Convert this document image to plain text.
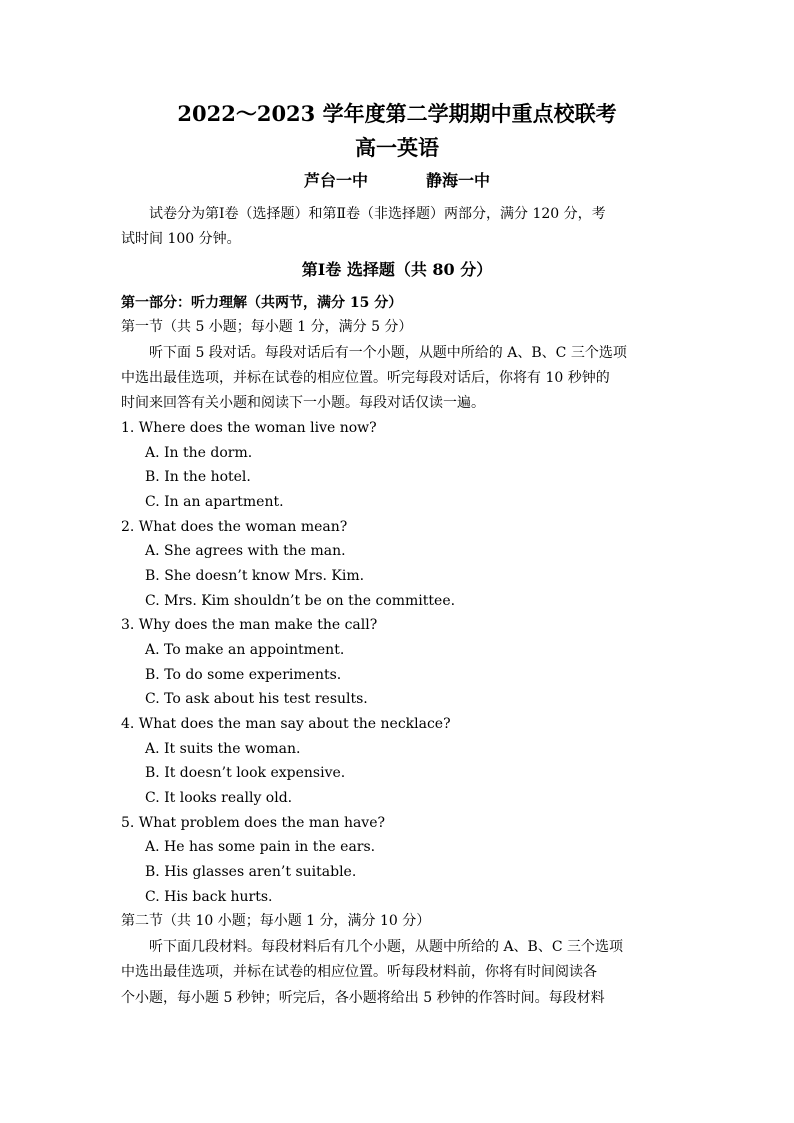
2022～2023 学年度第二学期期中重点校联考
高一英语
芦台一中	静海一中
试卷分为第Ⅰ卷（选择题）和第Ⅱ卷（非选择题）两部分，满分 120 分，考
试时间 100 分钟。
第Ⅰ卷 选择题（共 80 分）
第一部分：听力理解（共两节，满分 15 分）
第一节（共 5 小题；每小题 1 分，满分 5 分）
听下面 5 段对话。每段对话后有一个小题，从题中所给的 A、B、C 三个选项
中选出最佳选项，并标在试卷的相应位置。听完每段对话后，你将有 10 秒钟的
时间来回答有关小题和阅读下一小题。每段对话仅读一遍。
1. Where does the woman live now?
A. In the dorm.
B. In the hotel.
C. In an apartment.
2. What does the woman mean?
A. She agrees with the man.
B. She doesn’t know Mrs. Kim.
C. Mrs. Kim shouldn’t be on the committee.
3. Why does the man make the call?
A. To make an appointment.
B. To do some experiments.
C. To ask about his test results.
4. What does the man say about the necklace?
A. It suits the woman.
B. It doesn’t look expensive.
C. It looks really old.
5. What problem does the man have?
A. He has some pain in the ears.
B. His glasses aren’t suitable.
C. His back hurts.
第二节（共 10 小题；每小题 1 分，满分 10 分）
听下面几段材料。每段材料后有几个小题，从题中所给的 A、B、C 三个选项
中选出最佳选项，并标在试卷的相应位置。听每段材料前，你将有时间阅读各
个小题，每小题 5 秒钟；听完后，各小题将给出 5 秒钟的作答时间。每段材料
